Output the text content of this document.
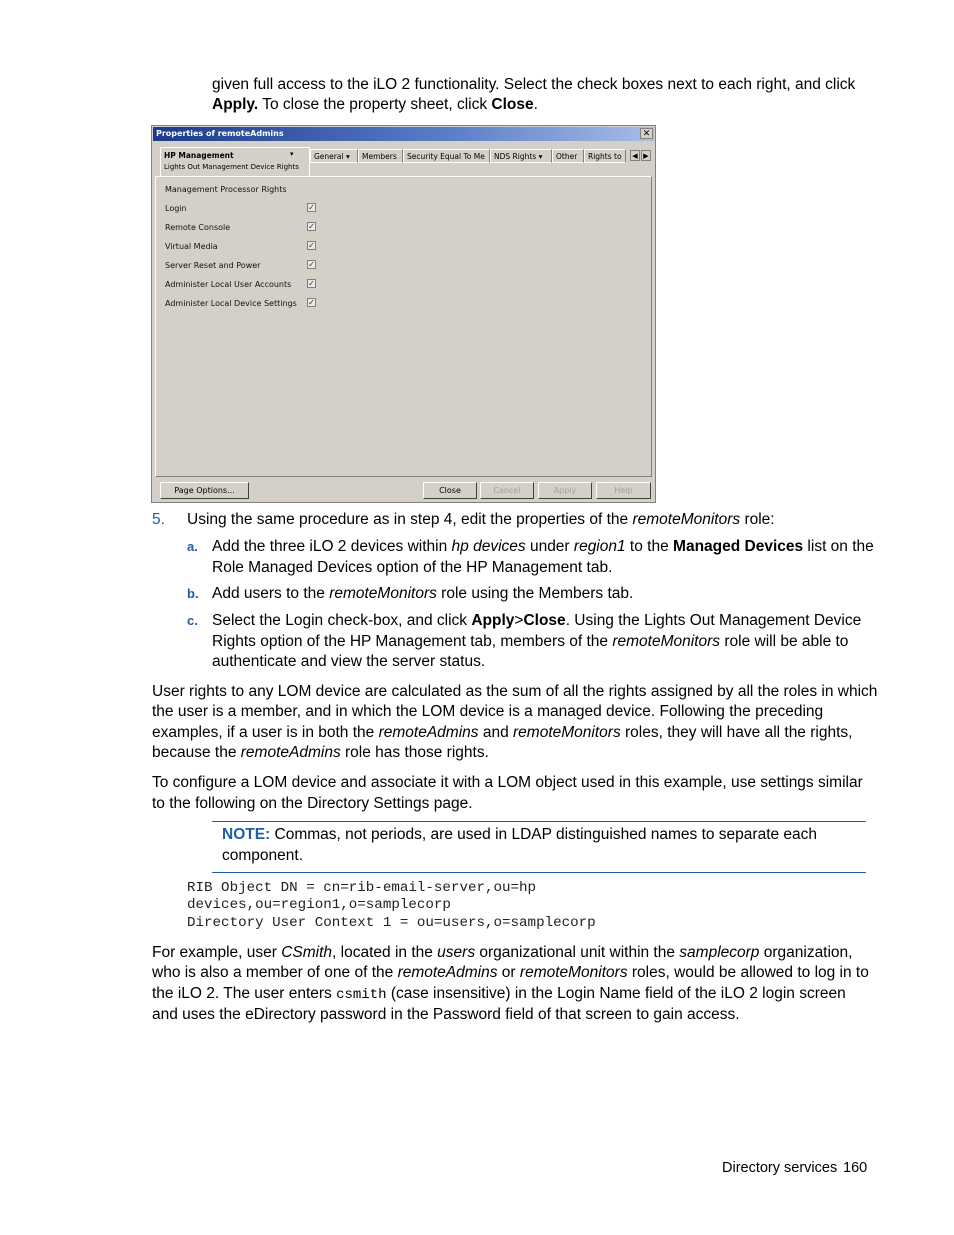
given full access to the iLO 2 functionality. Select the check boxes next to each right, and click

Apply. To close the property sheet, click Close.

Properties of remoteAdmins	✕
HP Management	▾
Lights Out Management Device Rights
General ▾	Members	Security Equal To Me	NDS Rights ▾	Other	Rights to	◀ ▶
Management Processor Rights
Login	✓
Remote Console	✓
Virtual Media	✓
Server Reset and Power	✓
Administer Local User Accounts ✓
Administer Local Device Settings ✓
Page Options...	Close	Cancel	Apply	Help
5. Using the same procedure as in step 4, edit the properties of the remoteMonitors role:

a. Add the three iLO 2 devices within hp devices under region1 to the Managed Devices list on the

Role Managed Devices option of the HP Management tab.

b. Add users to the remoteMonitors role using the Members tab.

c. Select the Login check-box, and click Apply>Close. Using the Lights Out Management Device

Rights option of the HP Management tab, members of the remoteMonitors role will be able to

authenticate and view the server status.

User rights to any LOM device are calculated as the sum of all the rights assigned by all the roles in which

the user is a member, and in which the LOM device is a managed device. Following the preceding

examples, if a user is in both the remoteAdmins and remoteMonitors roles, they will have all the rights,

because the remoteAdmins role has those rights.

To configure a LOM device and associate it with a LOM object used in this example, use settings similar

to the following on the Directory Settings page.

NOTE: Commas, not periods, are used in LDAP distinguished names to separate each

component.

RIB Object DN = cn=rib-email-server,ou=hp

devices,ou=region1,o=samplecorp

Directory User Context 1 = ou=users,o=samplecorp

For example, user CSmith, located in the users organizational unit within the samplecorp organization,

who is also a member of one of the remoteAdmins or remoteMonitors roles, would be allowed to log in to

the iLO 2. The user enters csmith (case insensitive) in the Login Name field of the iLO 2 login screen

and uses the eDirectory password in the Password field of that screen to gain access.

Directory services 160
